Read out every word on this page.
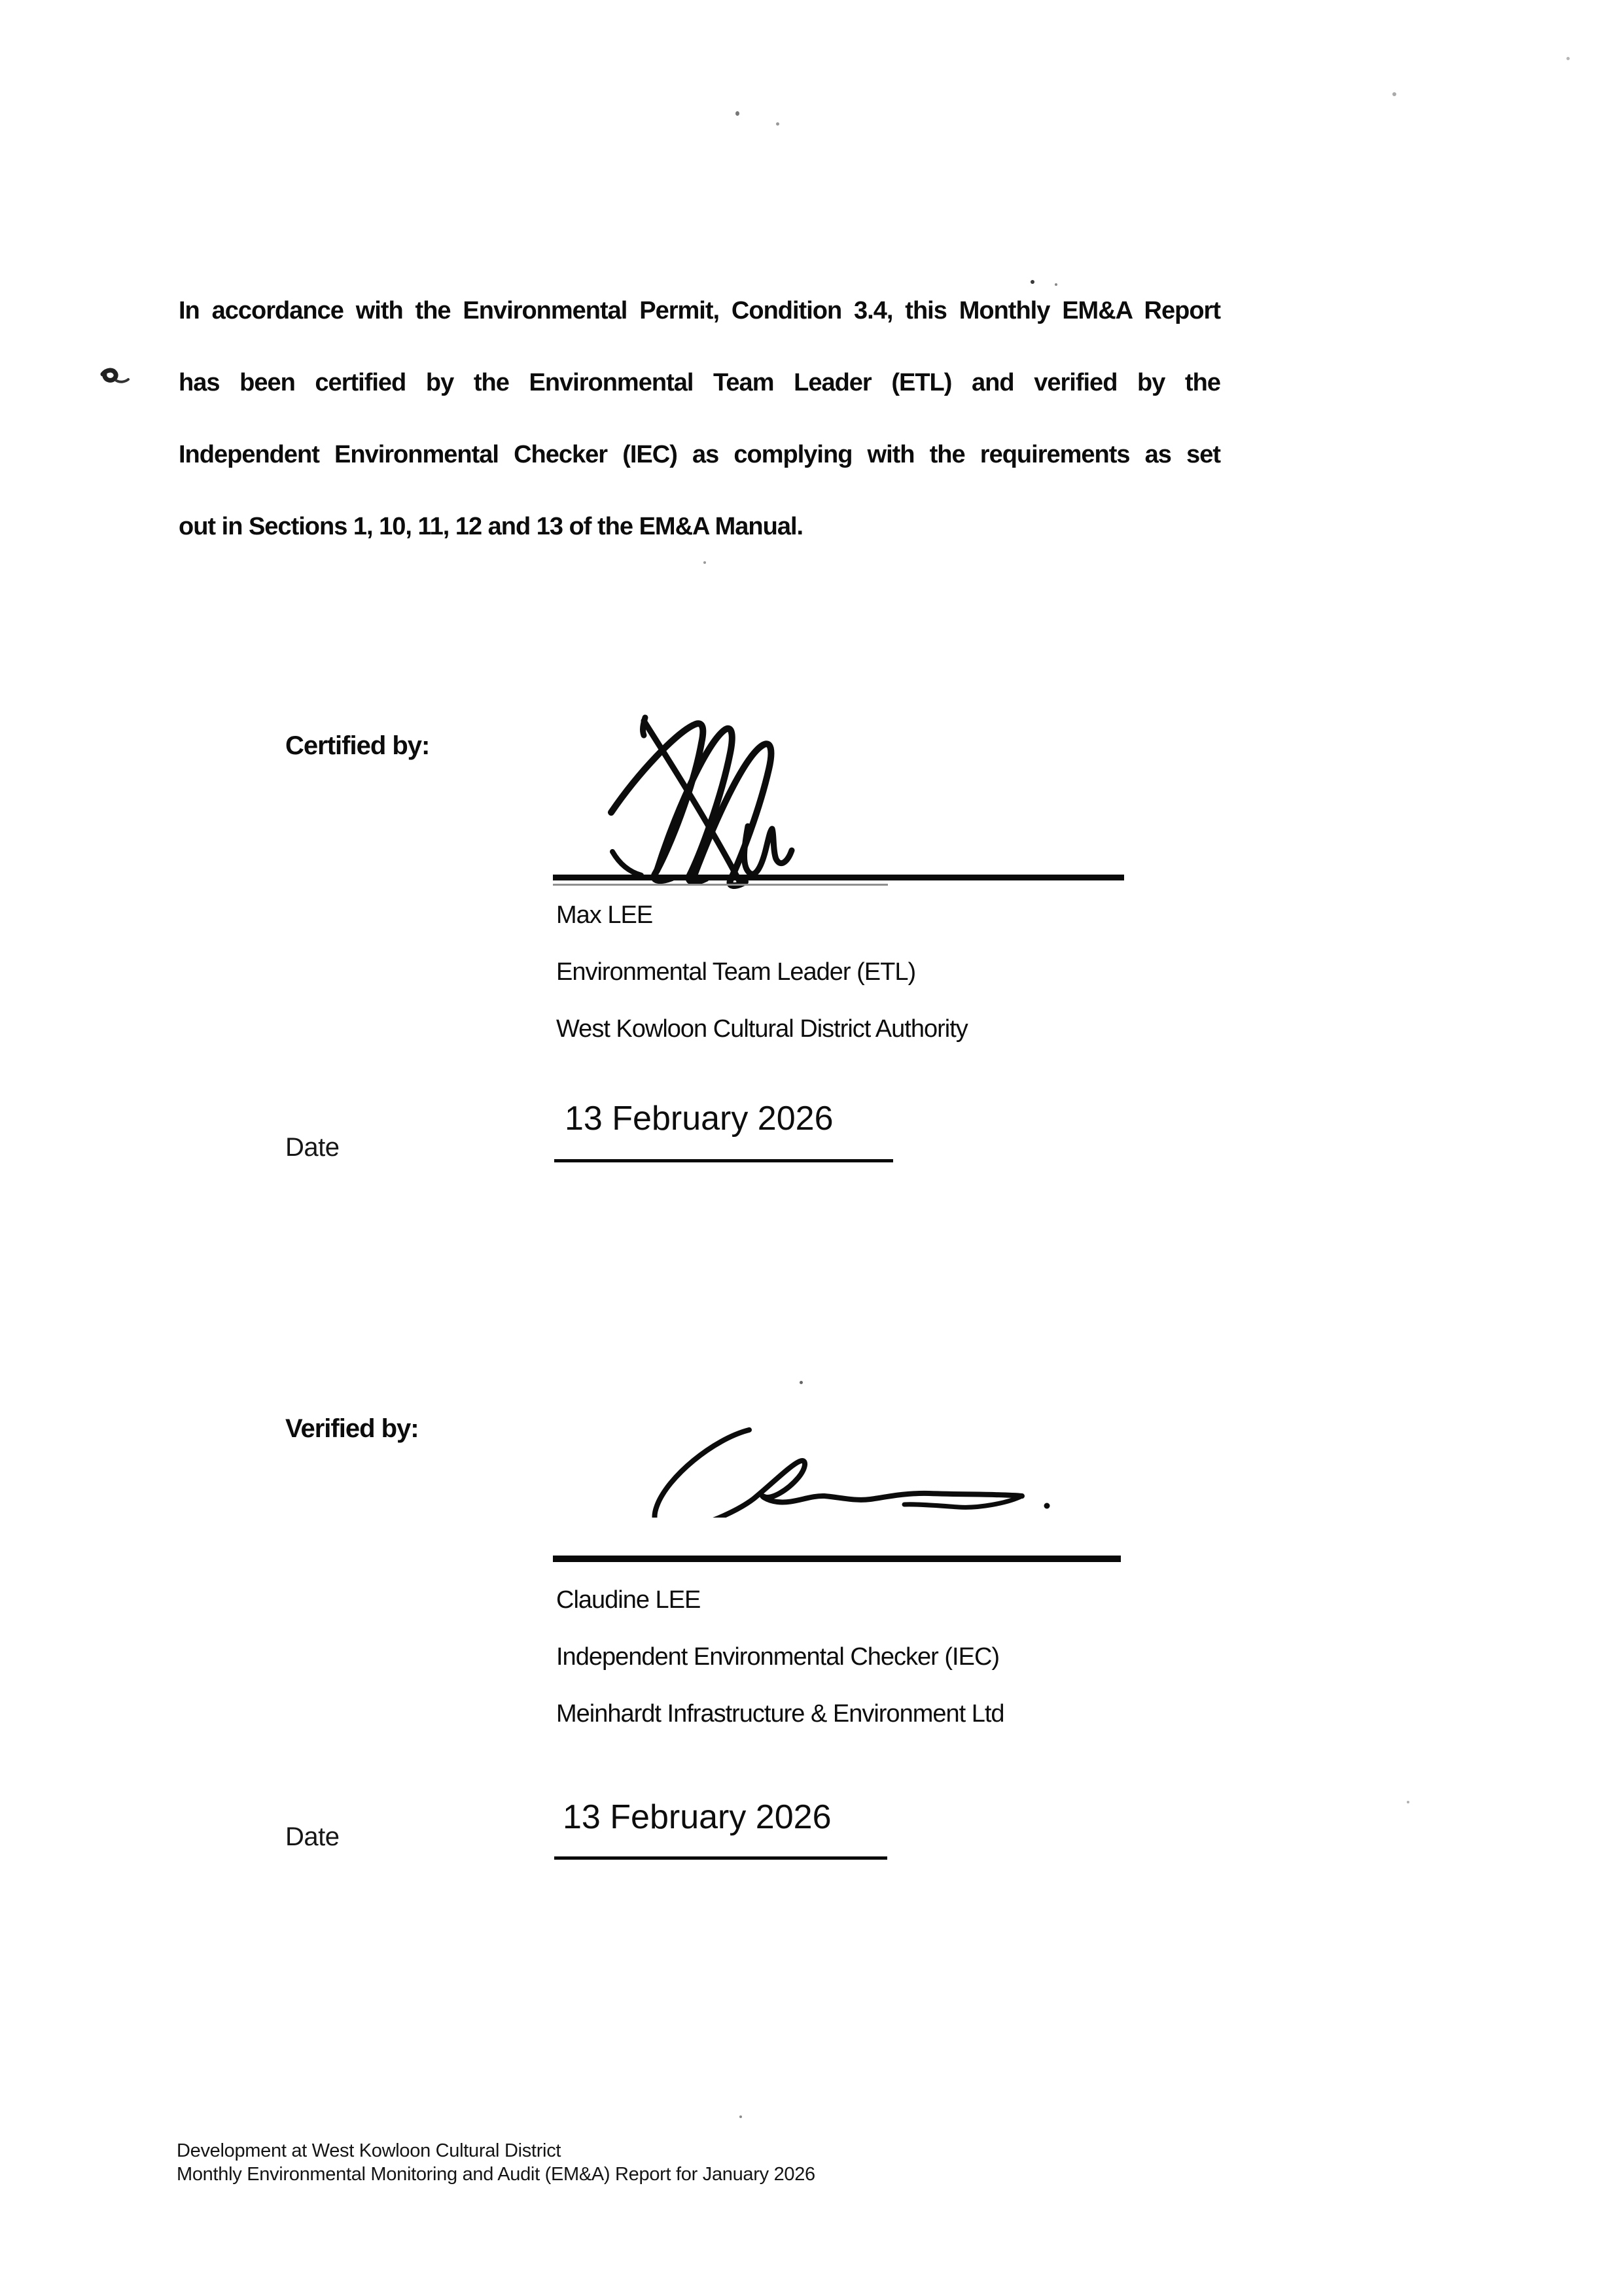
In accordance with the Environmental Permit, Condition 3.4, this Monthly EM&A Report
has been certified by the Environmental Team Leader (ETL) and verified by the
Independent Environmental Checker (IEC) as complying with the requirements as set
out in Sections 1, 10, 11, 12 and 13 of the EM&A Manual.
Certified by:
Max LEE
Environmental Team Leader (ETL)
West Kowloon Cultural District Authority
13 February 2026
Date
Verified by:
Claudine LEE
Independent Environmental Checker (IEC)
Meinhardt Infrastructure & Environment Ltd
13 February 2026
Date
Development at West Kowloon Cultural District
Monthly Environmental Monitoring and Audit (EM&A) Report for January 2026
